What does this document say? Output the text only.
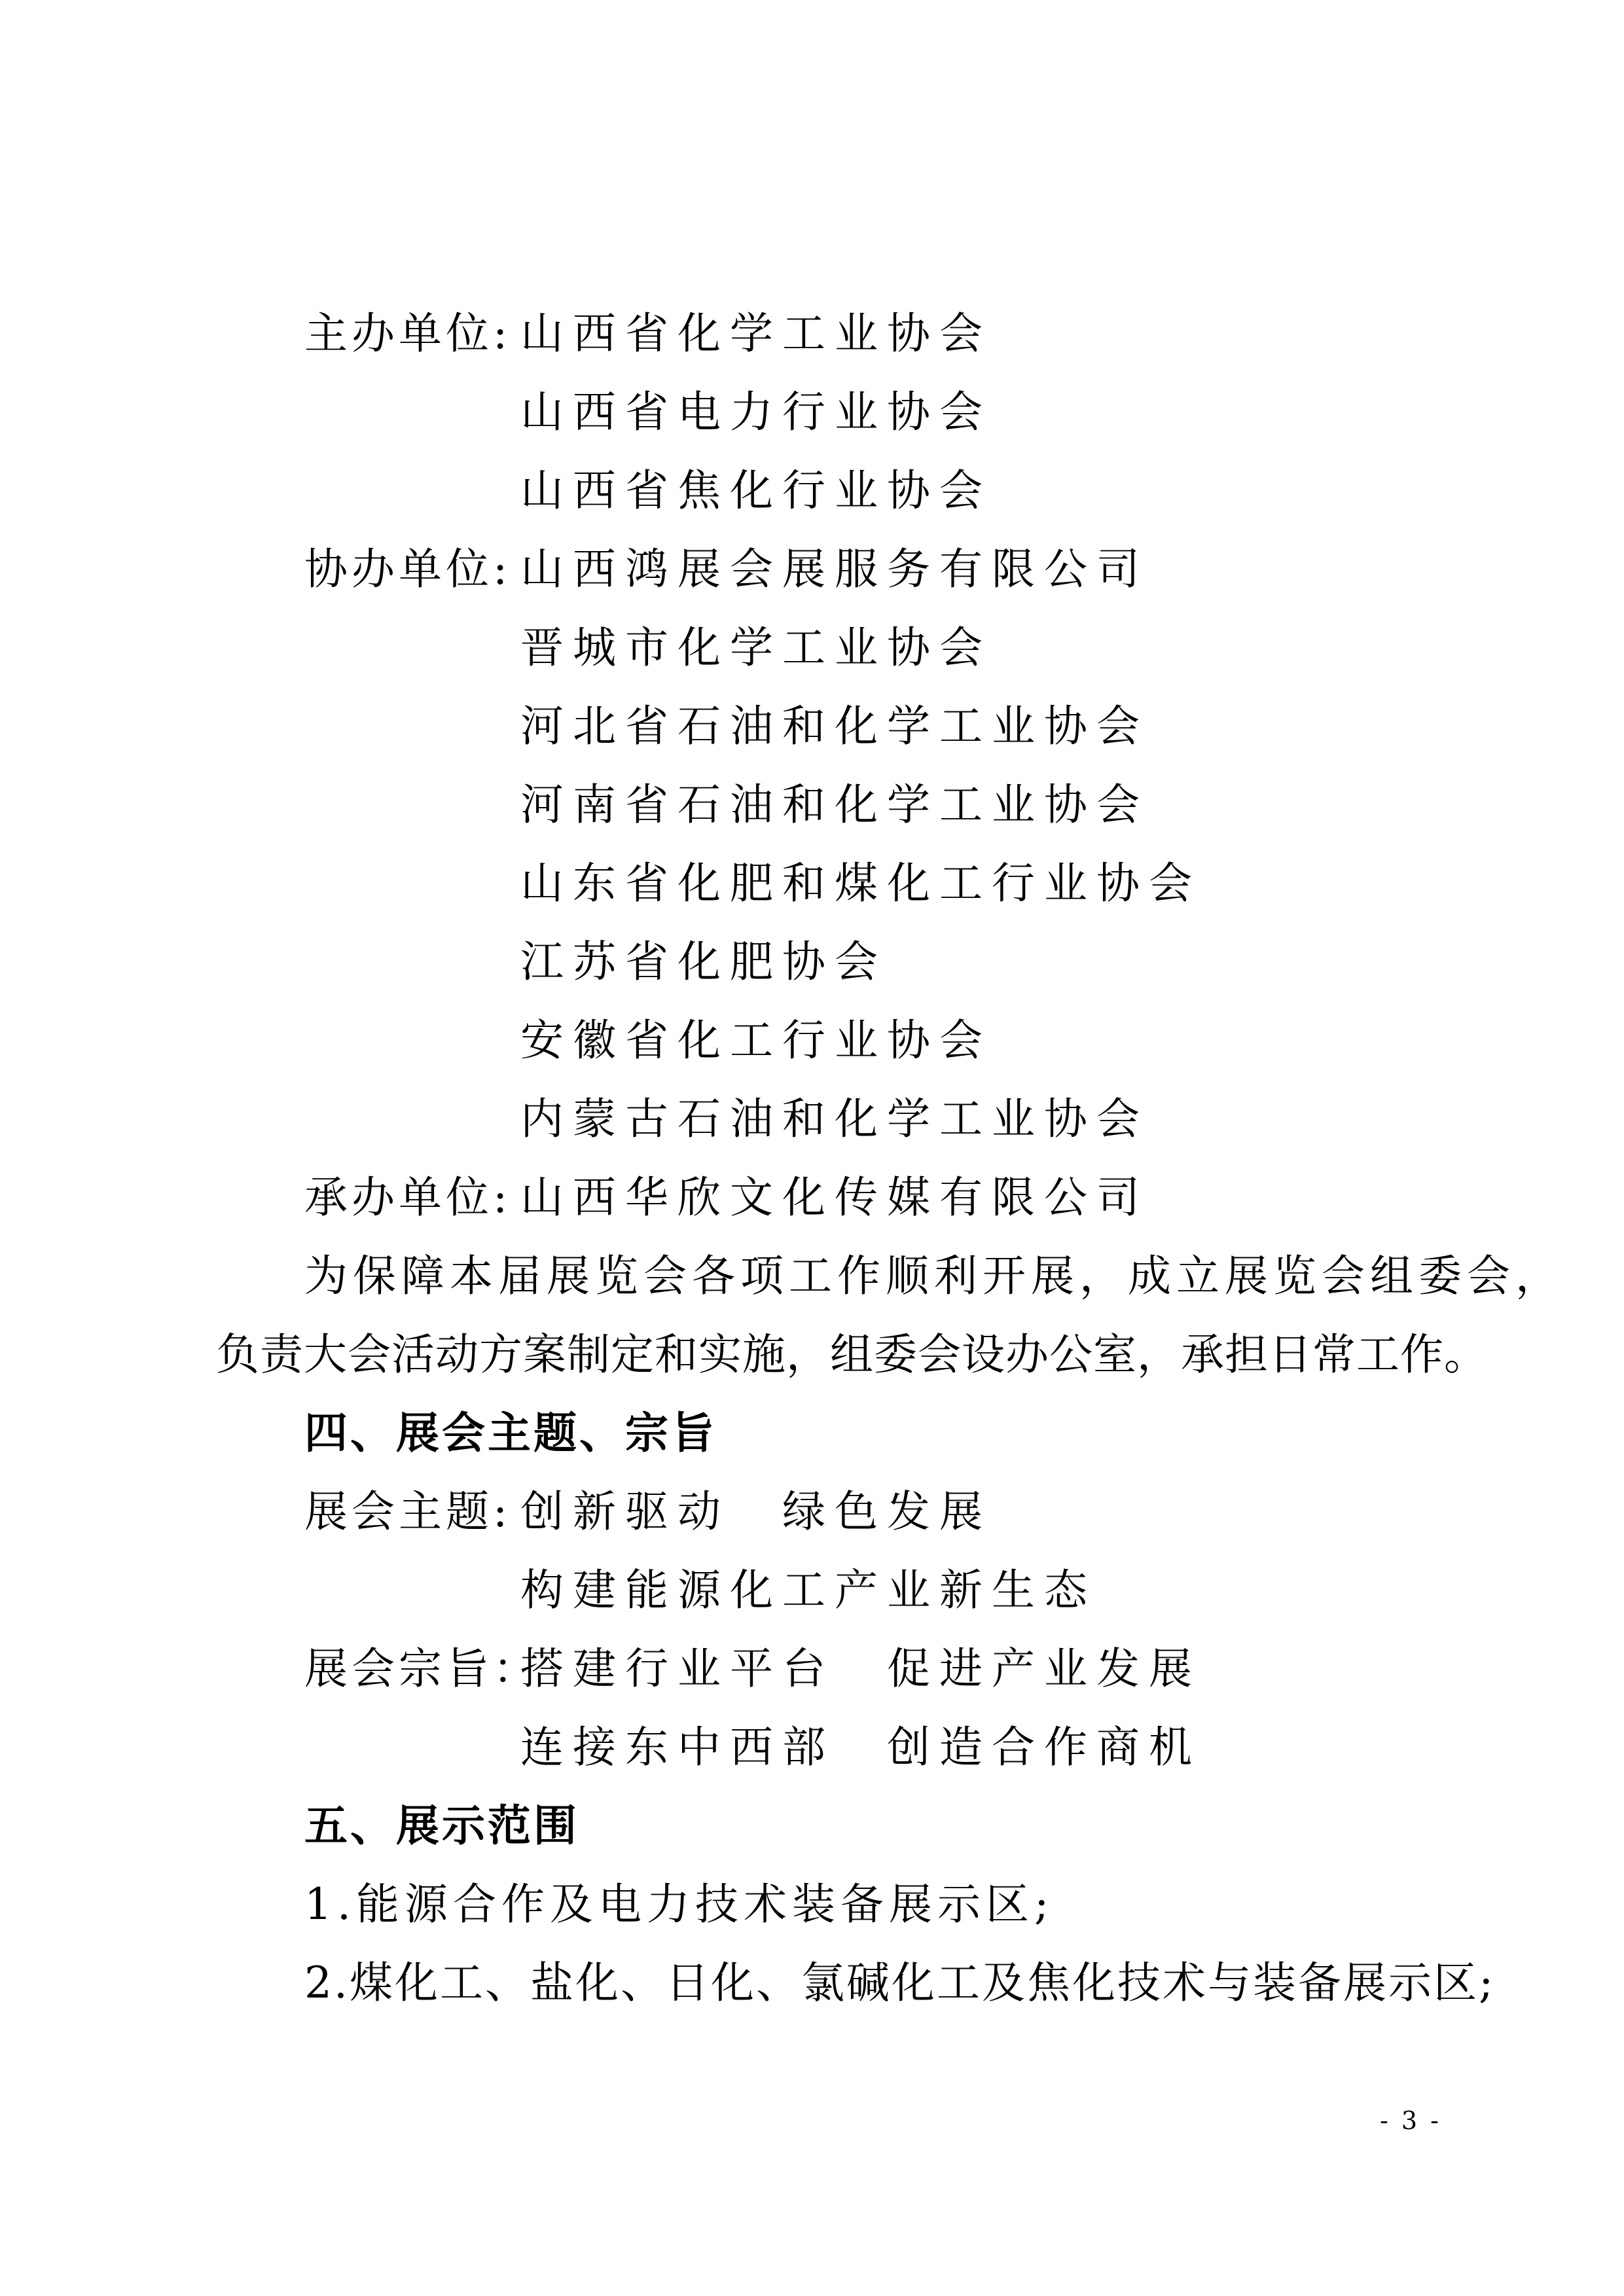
主办单位: 山西省化学工业协会
山西省电力行业协会
山西省焦化行业协会
协办单位: 山西鸿展会展服务有限公司
晋城市化学工业协会
河北省石油和化学工业协会
河南省石油和化学工业协会
山东省化肥和煤化工行业协会
江苏省化肥协会
安徽省化工行业协会
内蒙古石油和化学工业协会
承办单位: 山西华欣文化传媒有限公司
为保障本届展览会各项工作顺利开展，成立展览会组委会，
负责大会活动方案制定和实施，组委会设办公室，承担日常工作。
四、展会主题、宗旨
展会主题: 创新驱动　绿色发展
构建能源化工产业新生态
展会宗旨：
搭建行业平台　促进产业发展
连接东中西部　创造合作商机
五、展示范围
1.能源合作及电力技术装备展示区;
2.煤化工、盐化、日化、氯碱化工及焦化技术与装备展示区;
- 3 -
